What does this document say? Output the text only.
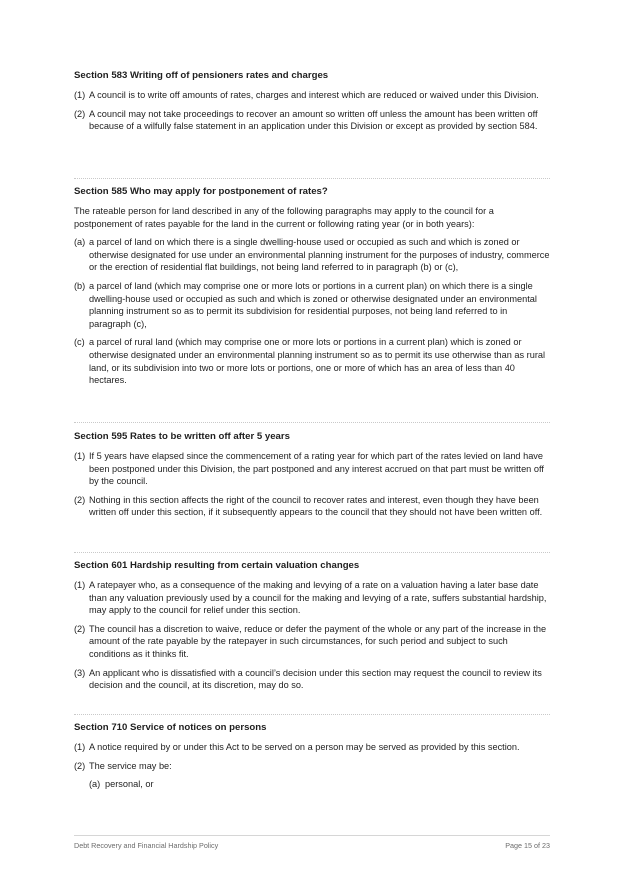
Section 583 Writing off of pensioners rates and charges
(1) A council is to write off amounts of rates, charges and interest which are reduced or waived under this Division.
(2) A council may not take proceedings to recover an amount so written off unless the amount has been written off because of a wilfully false statement in an application under this Division or except as provided by section 584.
Section 585 Who may apply for postponement of rates?
The rateable person for land described in any of the following paragraphs may apply to the council for a postponement of rates payable for the land in the current or following rating year (or in both years):
(a) a parcel of land on which there is a single dwelling-house used or occupied as such and which is zoned or otherwise designated for use under an environmental planning instrument for the purposes of industry, commerce or the erection of residential flat buildings, not being land referred to in paragraph (b) or (c),
(b) a parcel of land (which may comprise one or more lots or portions in a current plan) on which there is a single dwelling-house used or occupied as such and which is zoned or otherwise designated under an environmental planning instrument so as to permit its subdivision for residential purposes, not being land referred to in paragraph (c),
(c) a parcel of rural land (which may comprise one or more lots or portions in a current plan) which is zoned or otherwise designated under an environmental planning instrument so as to permit its use otherwise than as rural land, or its subdivision into two or more lots or portions, one or more of which has an area of less than 40 hectares.
Section 595 Rates to be written off after 5 years
(1) If 5 years have elapsed since the commencement of a rating year for which part of the rates levied on land have been postponed under this Division, the part postponed and any interest accrued on that part must be written off by the council.
(2) Nothing in this section affects the right of the council to recover rates and interest, even though they have been written off under this section, if it subsequently appears to the council that they should not have been written off.
Section 601 Hardship resulting from certain valuation changes
(1) A ratepayer who, as a consequence of the making and levying of a rate on a valuation having a later base date than any valuation previously used by a council for the making and levying of a rate, suffers substantial hardship, may apply to the council for relief under this section.
(2) The council has a discretion to waive, reduce or defer the payment of the whole or any part of the increase in the amount of the rate payable by the ratepayer in such circumstances, for such period and subject to such conditions as it thinks fit.
(3) An applicant who is dissatisfied with a council’s decision under this section may request the council to review its decision and the council, at its discretion, may do so.
Section 710 Service of notices on persons
(1) A notice required by or under this Act to be served on a person may be served as provided by this section.
(2) The service may be:
(a) personal, or
Debt Recovery and Financial Hardship Policy	Page 15 of 23
